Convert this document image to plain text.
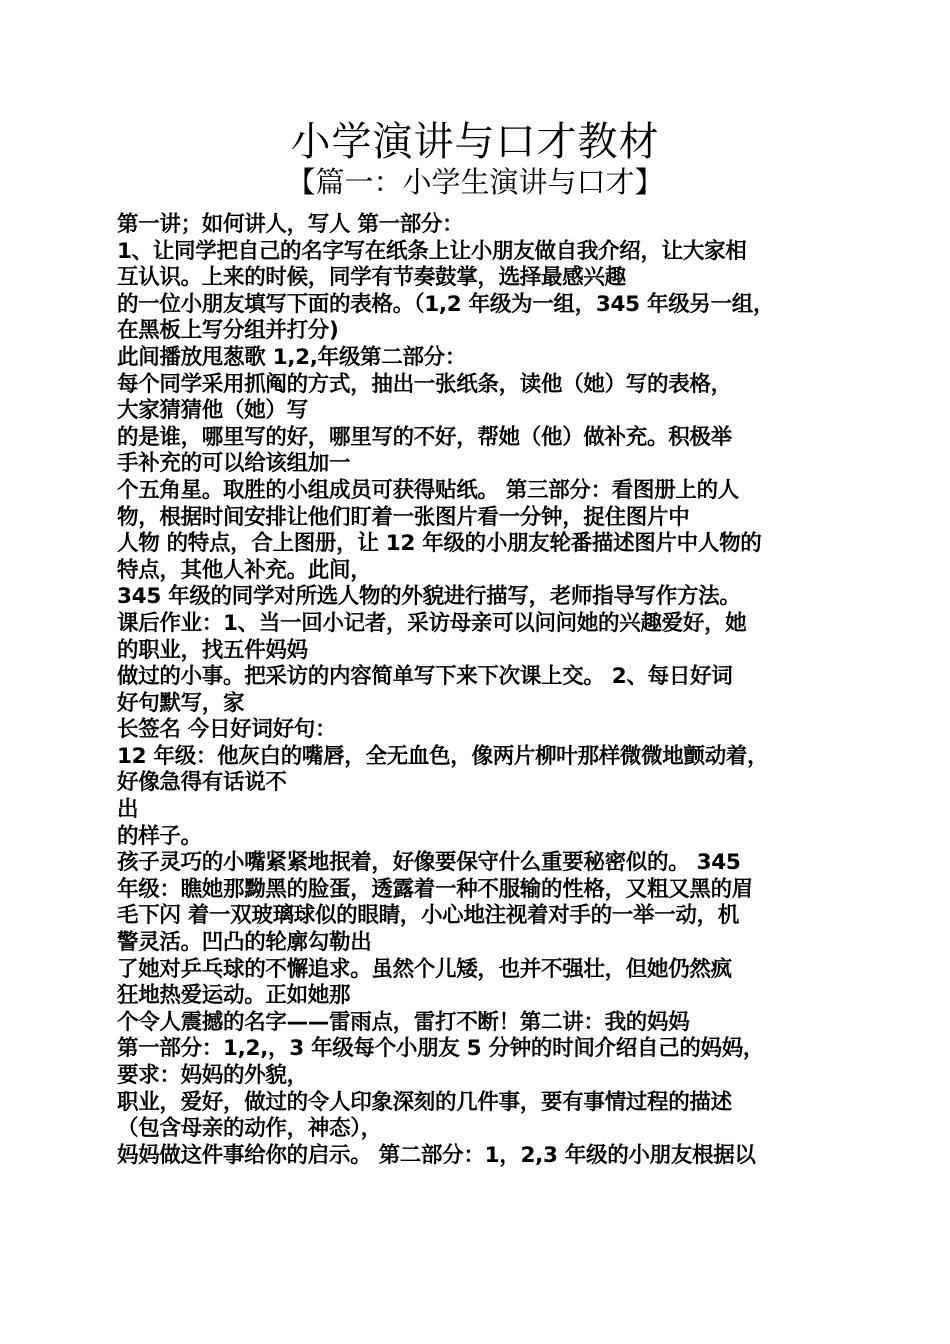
小学演讲与口才教材
【篇一：小学生演讲与口才】
第一讲；如何讲人，写人 第一部分：
1、让同学把自己的名字写在纸条上让小朋友做自我介绍，让大家相
互认识。上来的时候，同学有节奏鼓掌，选择最感兴趣
的一位小朋友填写下面的表格。（1,2 年级为一组，345 年级另一组，
在黑板上写分组并打分)
此间播放甩葱歌 1,2,年级第二部分：
每个同学采用抓阄的方式，抽出一张纸条，读他（她）写的表格，
大家猜猜他（她）写
的是谁，哪里写的好，哪里写的不好，帮她（他）做补充。积极举
手补充的可以给该组加一
个五角星。取胜的小组成员可获得贴纸。 第三部分：看图册上的人
物，根据时间安排让他们盯着一张图片看一分钟，捉住图片中
人物 的特点，合上图册，让 12 年级的小朋友轮番描述图片中人物的
特点，其他人补充。此间，
345 年级的同学对所选人物的外貌进行描写，老师指导写作方法。
课后作业：1、当一回小记者，采访母亲可以问问她的兴趣爱好，她
的职业，找五件妈妈
做过的小事。把采访的内容简单写下来下次课上交。 2、每日好词
好句默写，家
长签名 今日好词好句：
12 年级：他灰白的嘴唇，全无血色，像两片柳叶那样微微地颤动着，
好像急得有话说不
出
的样子。
孩子灵巧的小嘴紧紧地抿着，好像要保守什么重要秘密似的。 345
年级：瞧她那黝黑的脸蛋，透露着一种不服输的性格，又粗又黑的眉
毛下闪 着一双玻璃球似的眼睛，小心地注视着对手的一举一动，机
警灵活。凹凸的轮廓勾勒出
了她对乒乓球的不懈追求。虽然个儿矮，也并不强壮，但她仍然疯
狂地热爱运动。正如她那
个令人震撼的名字——雷雨点，雷打不断！第二讲：我的妈妈
第一部分：1,2,，3 年级每个小朋友 5 分钟的时间介绍自己的妈妈，
要求：妈妈的外貌，
职业，爱好，做过的令人印象深刻的几件事，要有事情过程的描述
（包含母亲的动作，神态），
妈妈做这件事给你的启示。 第二部分：1，2,3 年级的小朋友根据以
